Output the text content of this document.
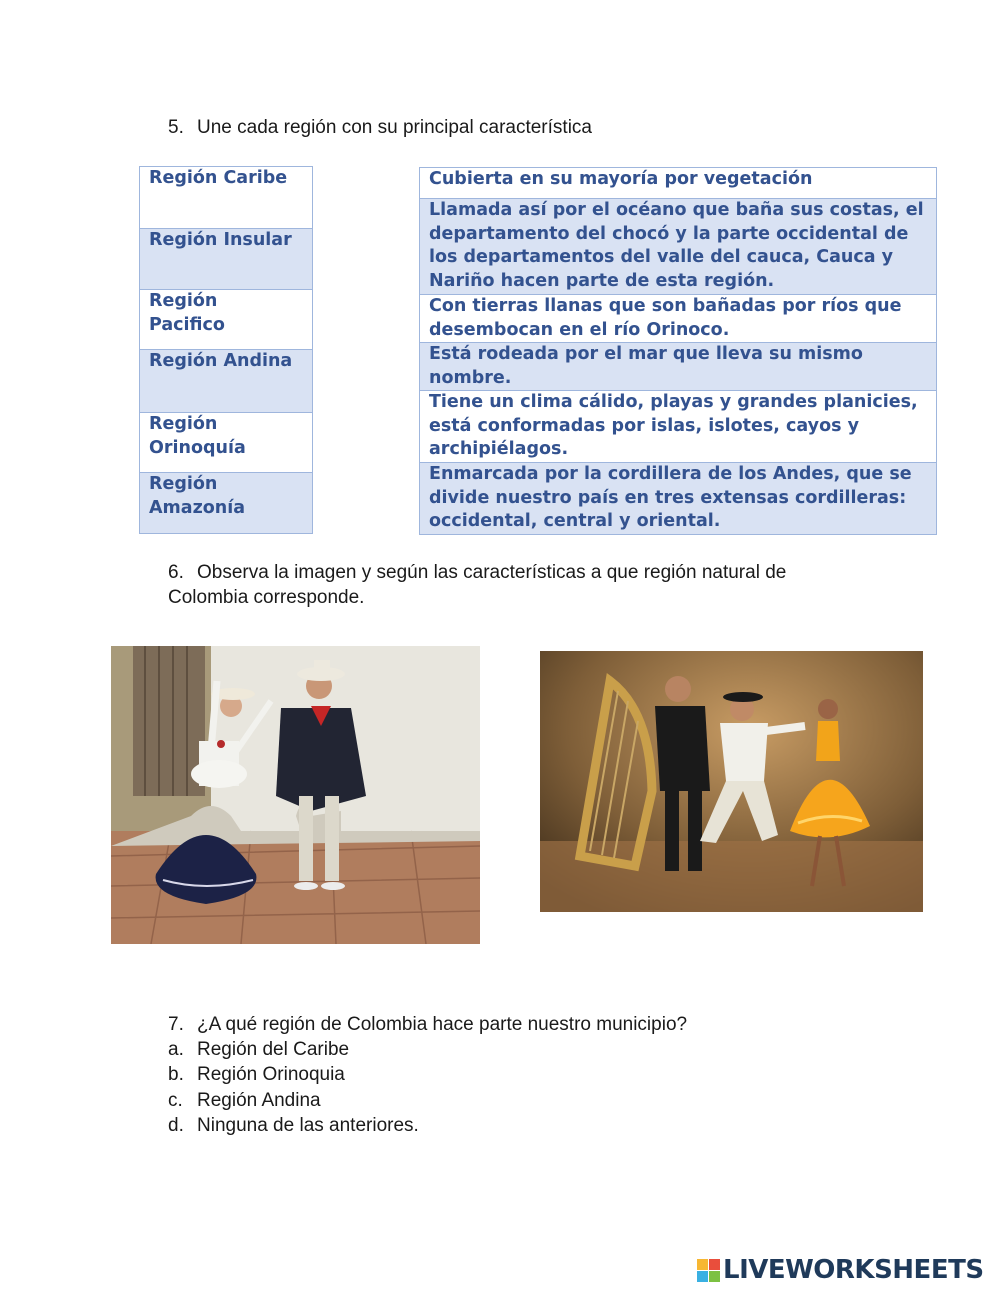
5. Une cada región con su principal característica
Región Caribe

Región Insular

Región Pacifico

Región Andina

Región Orinoquía

Región Amazonía
Cubierta en su mayoría por vegetación

Llamada así por el océano que baña sus costas, el departamento del chocó y la parte occidental de los departamentos del valle del cauca, Cauca y Nariño hacen parte de esta región.

Con tierras llanas que son bañadas por ríos que desembocan en el río Orinoco.

Está rodeada por el mar que lleva su mismo nombre.

Tiene un clima cálido, playas y grandes planicies, está conformadas por islas, islotes, cayos y archipiélagos.

Enmarcada por la cordillera de los Andes, que se divide nuestro país en tres extensas cordilleras: occidental, central y oriental.
6. Observa la imagen y según las características a que región natural de Colombia corresponde.
7. ¿A qué región de Colombia hace parte nuestro municipio?
a. Región del Caribe
b. Región Orinoquia
c. Región Andina
d. Ninguna de las anteriores.
LIVEWORKSHEETS
